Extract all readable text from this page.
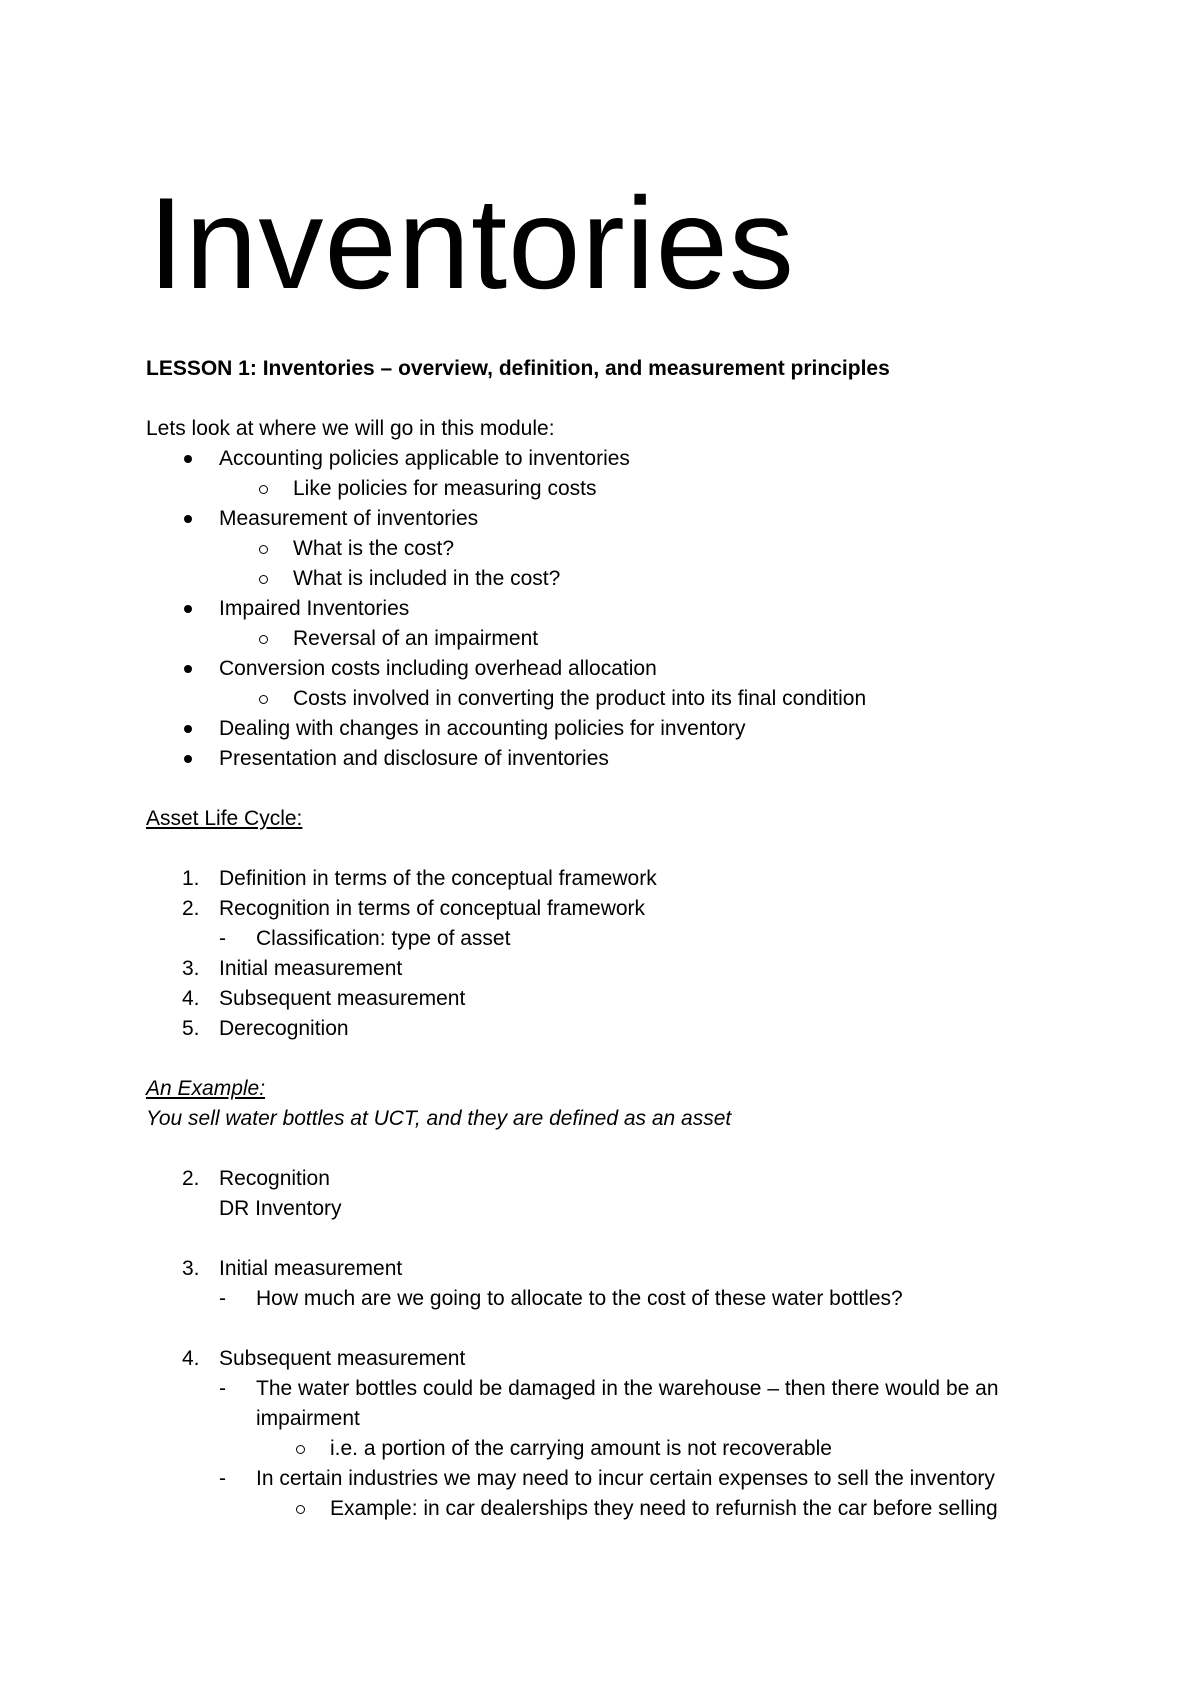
Inventories

LESSON 1: Inventories – overview, definition, and measurement principles

Lets look at where we will go in this module:

Accounting policies applicable to inventories
Like policies for measuring costs
Measurement of inventories
What is the cost?
What is included in the cost?
Impaired Inventories
Reversal of an impairment
Conversion costs including overhead allocation
Costs involved in converting the product into its final condition
Dealing with changes in accounting policies for inventory
Presentation and disclosure of inventories

Asset Life Cycle:

1. Definition in terms of the conceptual framework
2. Recognition in terms of conceptual framework
- Classification: type of asset
3. Initial measurement
4. Subsequent measurement
5. Derecognition

An Example:

You sell water bottles at UCT, and they are defined as an asset

2. Recognition
DR Inventory
3. Initial measurement
- How much are we going to allocate to the cost of these water bottles?
4. Subsequent measurement
- The water bottles could be damaged in the warehouse – then there would be an impairment
i.e. a portion of the carrying amount is not recoverable
- In certain industries we may need to incur certain expenses to sell the inventory
Example: in car dealerships they need to refurnish the car before selling
